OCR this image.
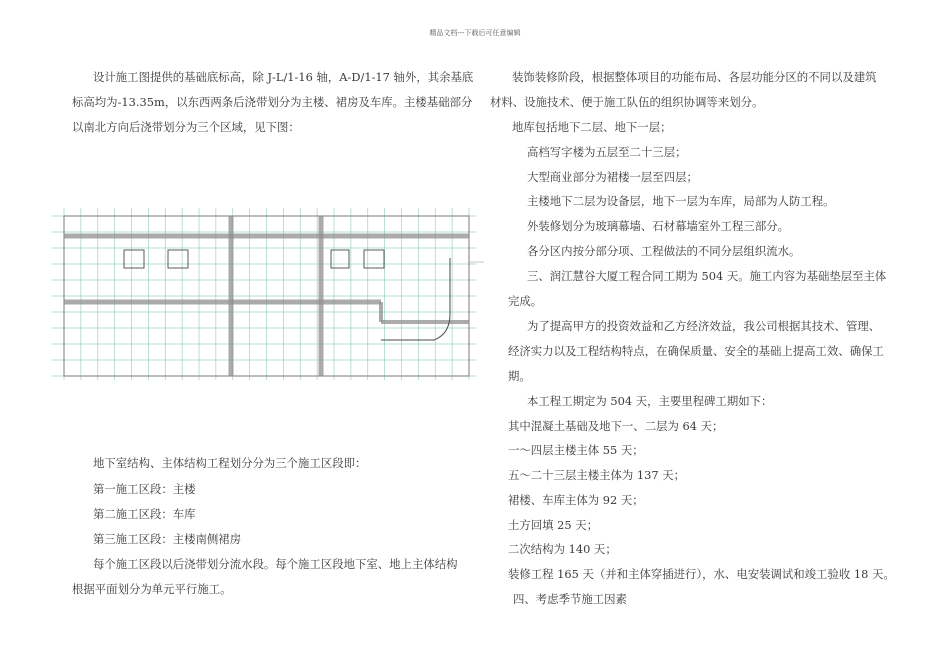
精品文档---下载后可任意编辑
设计施工图提供的基础底标高，除 J-L/1-16 轴，A-D/1-17 轴外，其余基底
标高均为-13.35m，以东西两条后浇带划分为主楼、裙房及车库。主楼基础部分
以南北方向后浇带划分为三个区域，见下图：
地下室结构、主体结构工程划分分为三个施工区段即：
第一施工区段：主楼
第二施工区段：车库
第三施工区段：主楼南侧裙房
每个施工区段以后浇带划分流水段。每个施工区段地下室、地上主体结构
根据平面划分为单元平行施工。
装饰装修阶段，根据整体项目的功能布局、各层功能分区的不同以及建筑
材料、设施技术、便于施工队伍的组织协调等来划分。
地库包括地下二层、地下一层；
高档写字楼为五层至二十三层；
大型商业部分为裙楼一层至四层；
主楼地下二层为设备层，地下一层为车库，局部为人防工程。
外装修划分为玻璃幕墙、石材幕墙室外工程三部分。
各分区内按分部分项、工程做法的不同分层组织流水。
三、润江慧谷大厦工程合同工期为 504 天。施工内容为基础垫层至主体
完成。
为了提高甲方的投资效益和乙方经济效益，我公司根据其技术、管理、
经济实力以及工程结构特点，在确保质量、安全的基础上提高工效、确保工
期。
本工程工期定为 504 天，主要里程碑工期如下：
其中混凝土基础及地下一、二层为 64 天；
一～四层主楼主体 55 天；
五～二十三层主楼主体为 137 天；
裙楼、车库主体为 92 天；
土方回填 25 天；
二次结构为 140 天；
装修工程 165 天（并和主体穿插进行），水、电安装调试和竣工验收 18 天。
四、考虑季节施工因素
